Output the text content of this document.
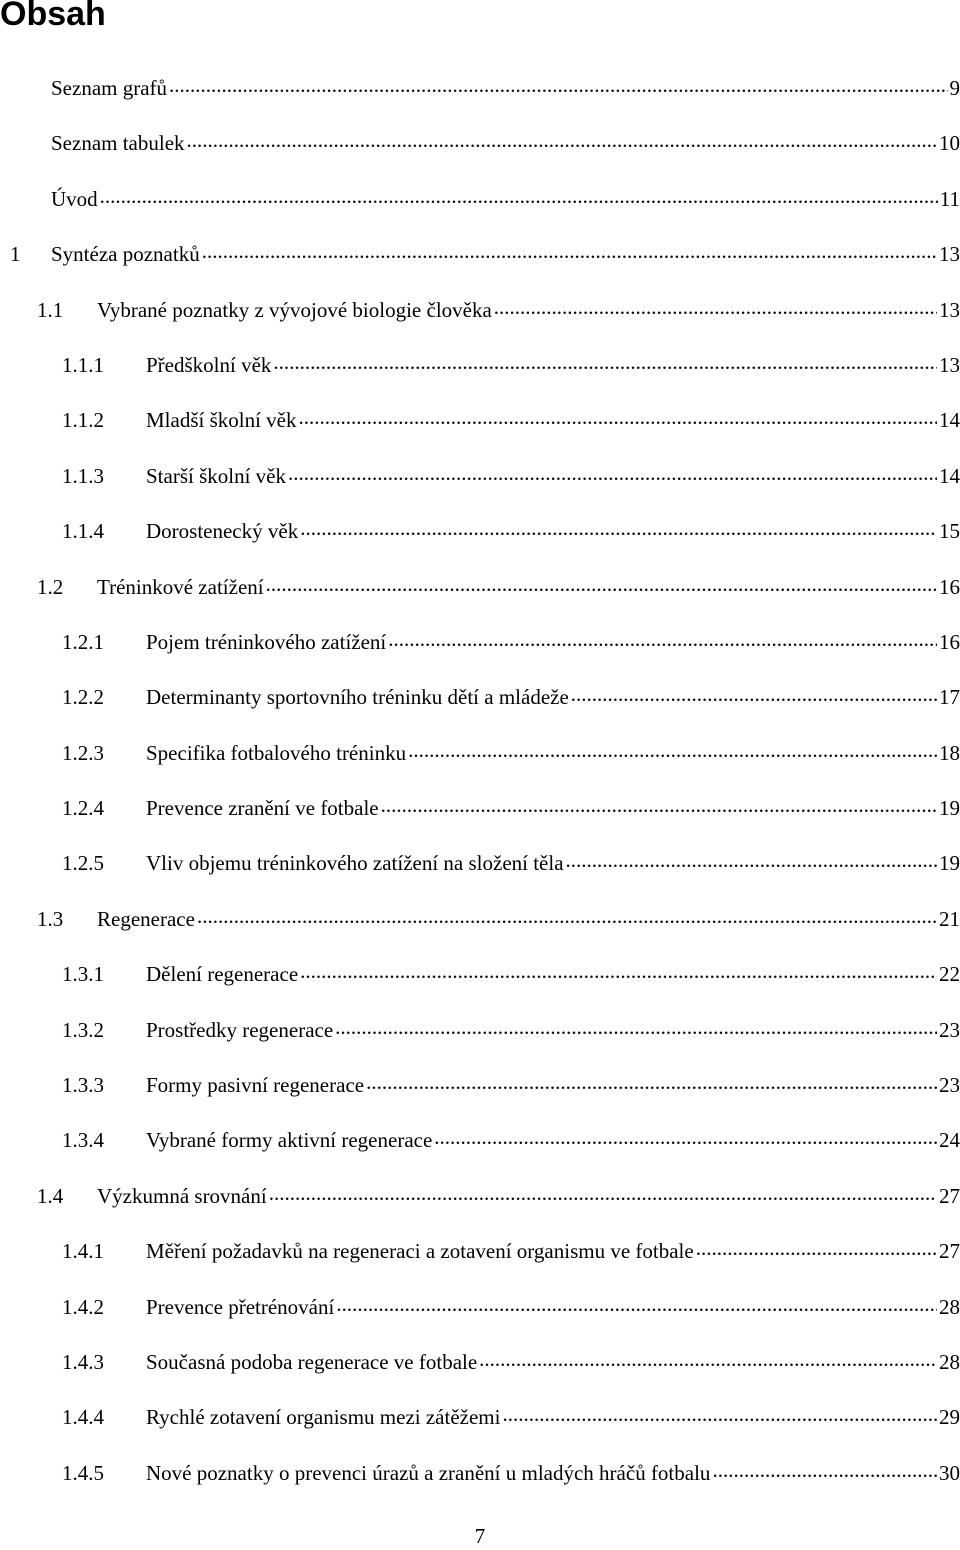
Obsah
Seznam grafů .....	9
Seznam tabulek .....	10
Úvod .....	11
1	Syntéza poznatků .....	13
1.1	Vybrané poznatky z vývojové biologie člověka .....	13
1.1.1	Předškolní věk .....	13
1.1.2	Mladší školní věk .....	14
1.1.3	Starší školní věk .....	14
1.1.4	Dorostenecký věk .....	15
1.2	Tréninkové zatížení .....	16
1.2.1	Pojem tréninkového zatížení .....	16
1.2.2	Determinanty sportovního tréninku dětí a mládeže .....	17
1.2.3	Specifika fotbalového tréninku .....	18
1.2.4	Prevence zranění ve fotbale .....	19
1.2.5	Vliv objemu tréninkového zatížení na složení těla .....	19
1.3	Regenerace .....	21
1.3.1	Dělení regenerace .....	22
1.3.2	Prostředky regenerace .....	23
1.3.3	Formy pasivní regenerace .....	23
1.3.4	Vybrané formy aktivní regenerace .....	24
1.4	Výzkumná srovnání .....	27
1.4.1	Měření požadavků na regeneraci a zotavení organismu ve fotbale .....	27
1.4.2	Prevence přetrénování .....	28
1.4.3	Současná podoba regenerace ve fotbale .....	28
1.4.4	Rychlé zotavení organismu mezi zátěžemi .....	29
1.4.5	Nové poznatky o prevenci úrazů a zranění u mladých hráčů fotbalu .....	30
7
